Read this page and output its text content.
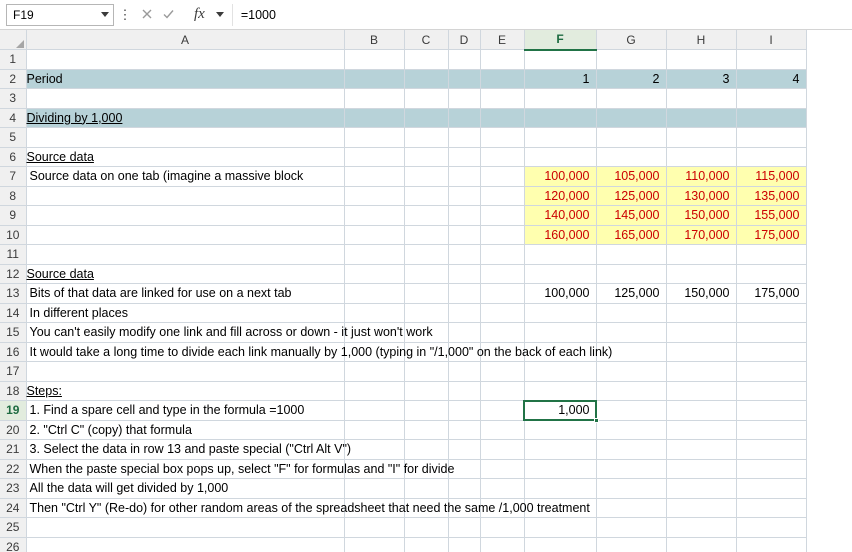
F19	⋮	fx	=1000
	A	B	C	D	E	F	G	H	I
1									
2	Period					1	2	3	4
3									
4	Dividing by 1,000								
5									
6	Source data								
7	Source data on one tab (imagine a massive block					100,000	105,000	110,000	115,000
8						120,000	125,000	130,000	135,000
9						140,000	145,000	150,000	155,000
10						160,000	165,000	170,000	175,000
11									
12	Source data								
13	Bits of that data are linked for use on a next tab					100,000	125,000	150,000	175,000
14	In different places								

15	You can't easily modify one link and fill across or down - it just won't work								

16	It would take a long time to divide each link manually by 1,000 (typing in "/1,000" on the back of each link)								

17									
18	Steps:								
19	1. Find a spare cell and type in the formula =1000					1,000

20	2. "Ctrl C" (copy) that formula								

21	3. Select the data in row 13 and paste special ("Ctrl Alt V")								

22	When the paste special box pops up, select "F" for formulas and "I" for divide								

23	All the data will get divided by 1,000								

24	Then "Ctrl Y" (Re-do) for other random areas of the spreadsheet that need the same /1,000 treatment								

25									
26									
